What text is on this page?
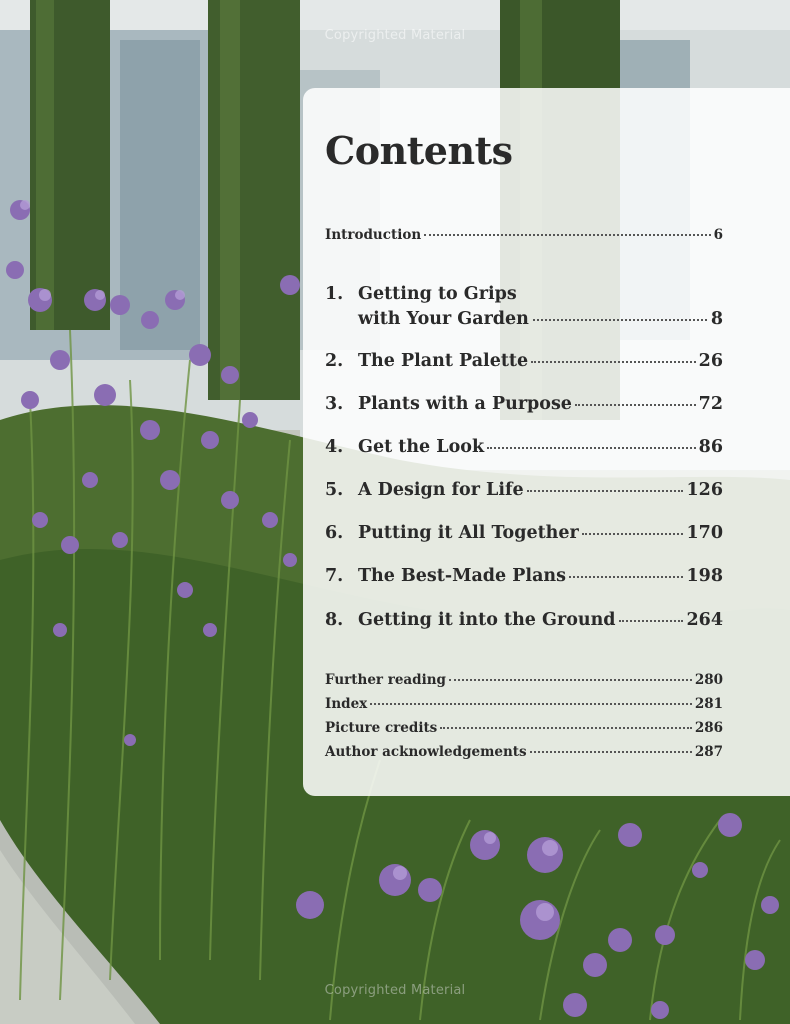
Copyrighted Material
Copyrighted Material
Contents
Introduction	6
1. Getting to Grips
with Your Garden	8
2. The Plant Palette	26
3. Plants with a Purpose	72
4. Get the Look	86
5. A Design for Life	126
6. Putting it All Together	170
7. The Best-Made Plans	198
8. Getting it into the Ground	264
Further reading	280
Index	281
Picture credits	286
Author acknowledgements	287
